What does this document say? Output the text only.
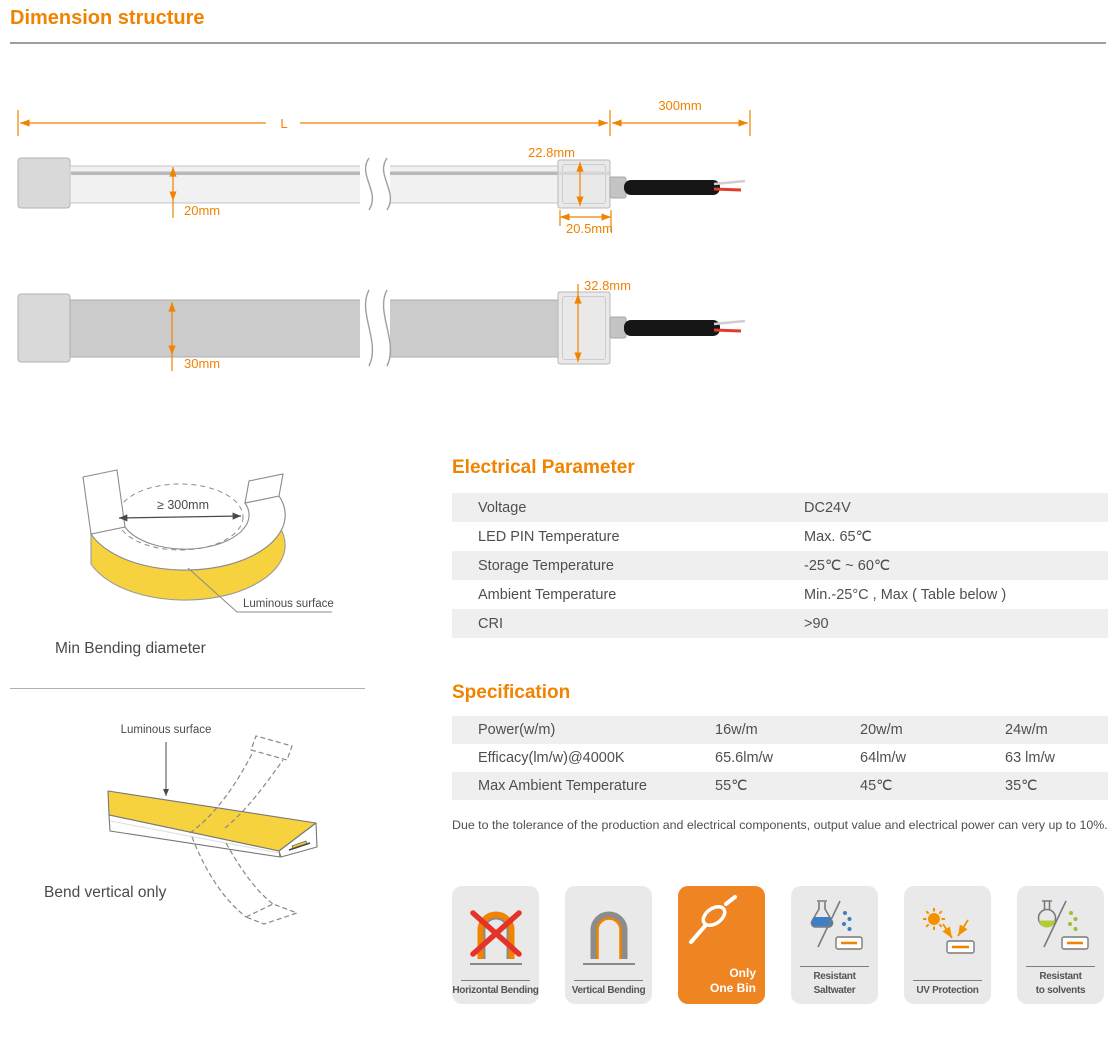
Dimension structure
L
300mm
22.8mm
20mm
20.5mm
30mm
32.8mm
≥ 300mm
Luminous surface
Min Bending diameter
Luminous surface
Bend vertical only
Electrical Parameter
Voltage	DC24V
LED PIN Temperature	Max. 65℃
Storage Temperature	-25℃ ~ 60℃
Ambient Temperature	Min.-25°C , Max ( Table below )
CRI	>90
Specification
Power(w/m)	16w/m	20w/m	24w/m
Efficacy(lm/w)@4000K	65.6lm/w	64lm/w	63 lm/w
Max Ambient Temperature	55℃	45℃	35℃
Due to the tolerance of the production and electrical components, output value and electrical power can very up to 10%.
Horizontal Bending	Vertical Bending
Only
One Bin
Resistant
Saltwater	UV Protection
Resistant
to solvents
